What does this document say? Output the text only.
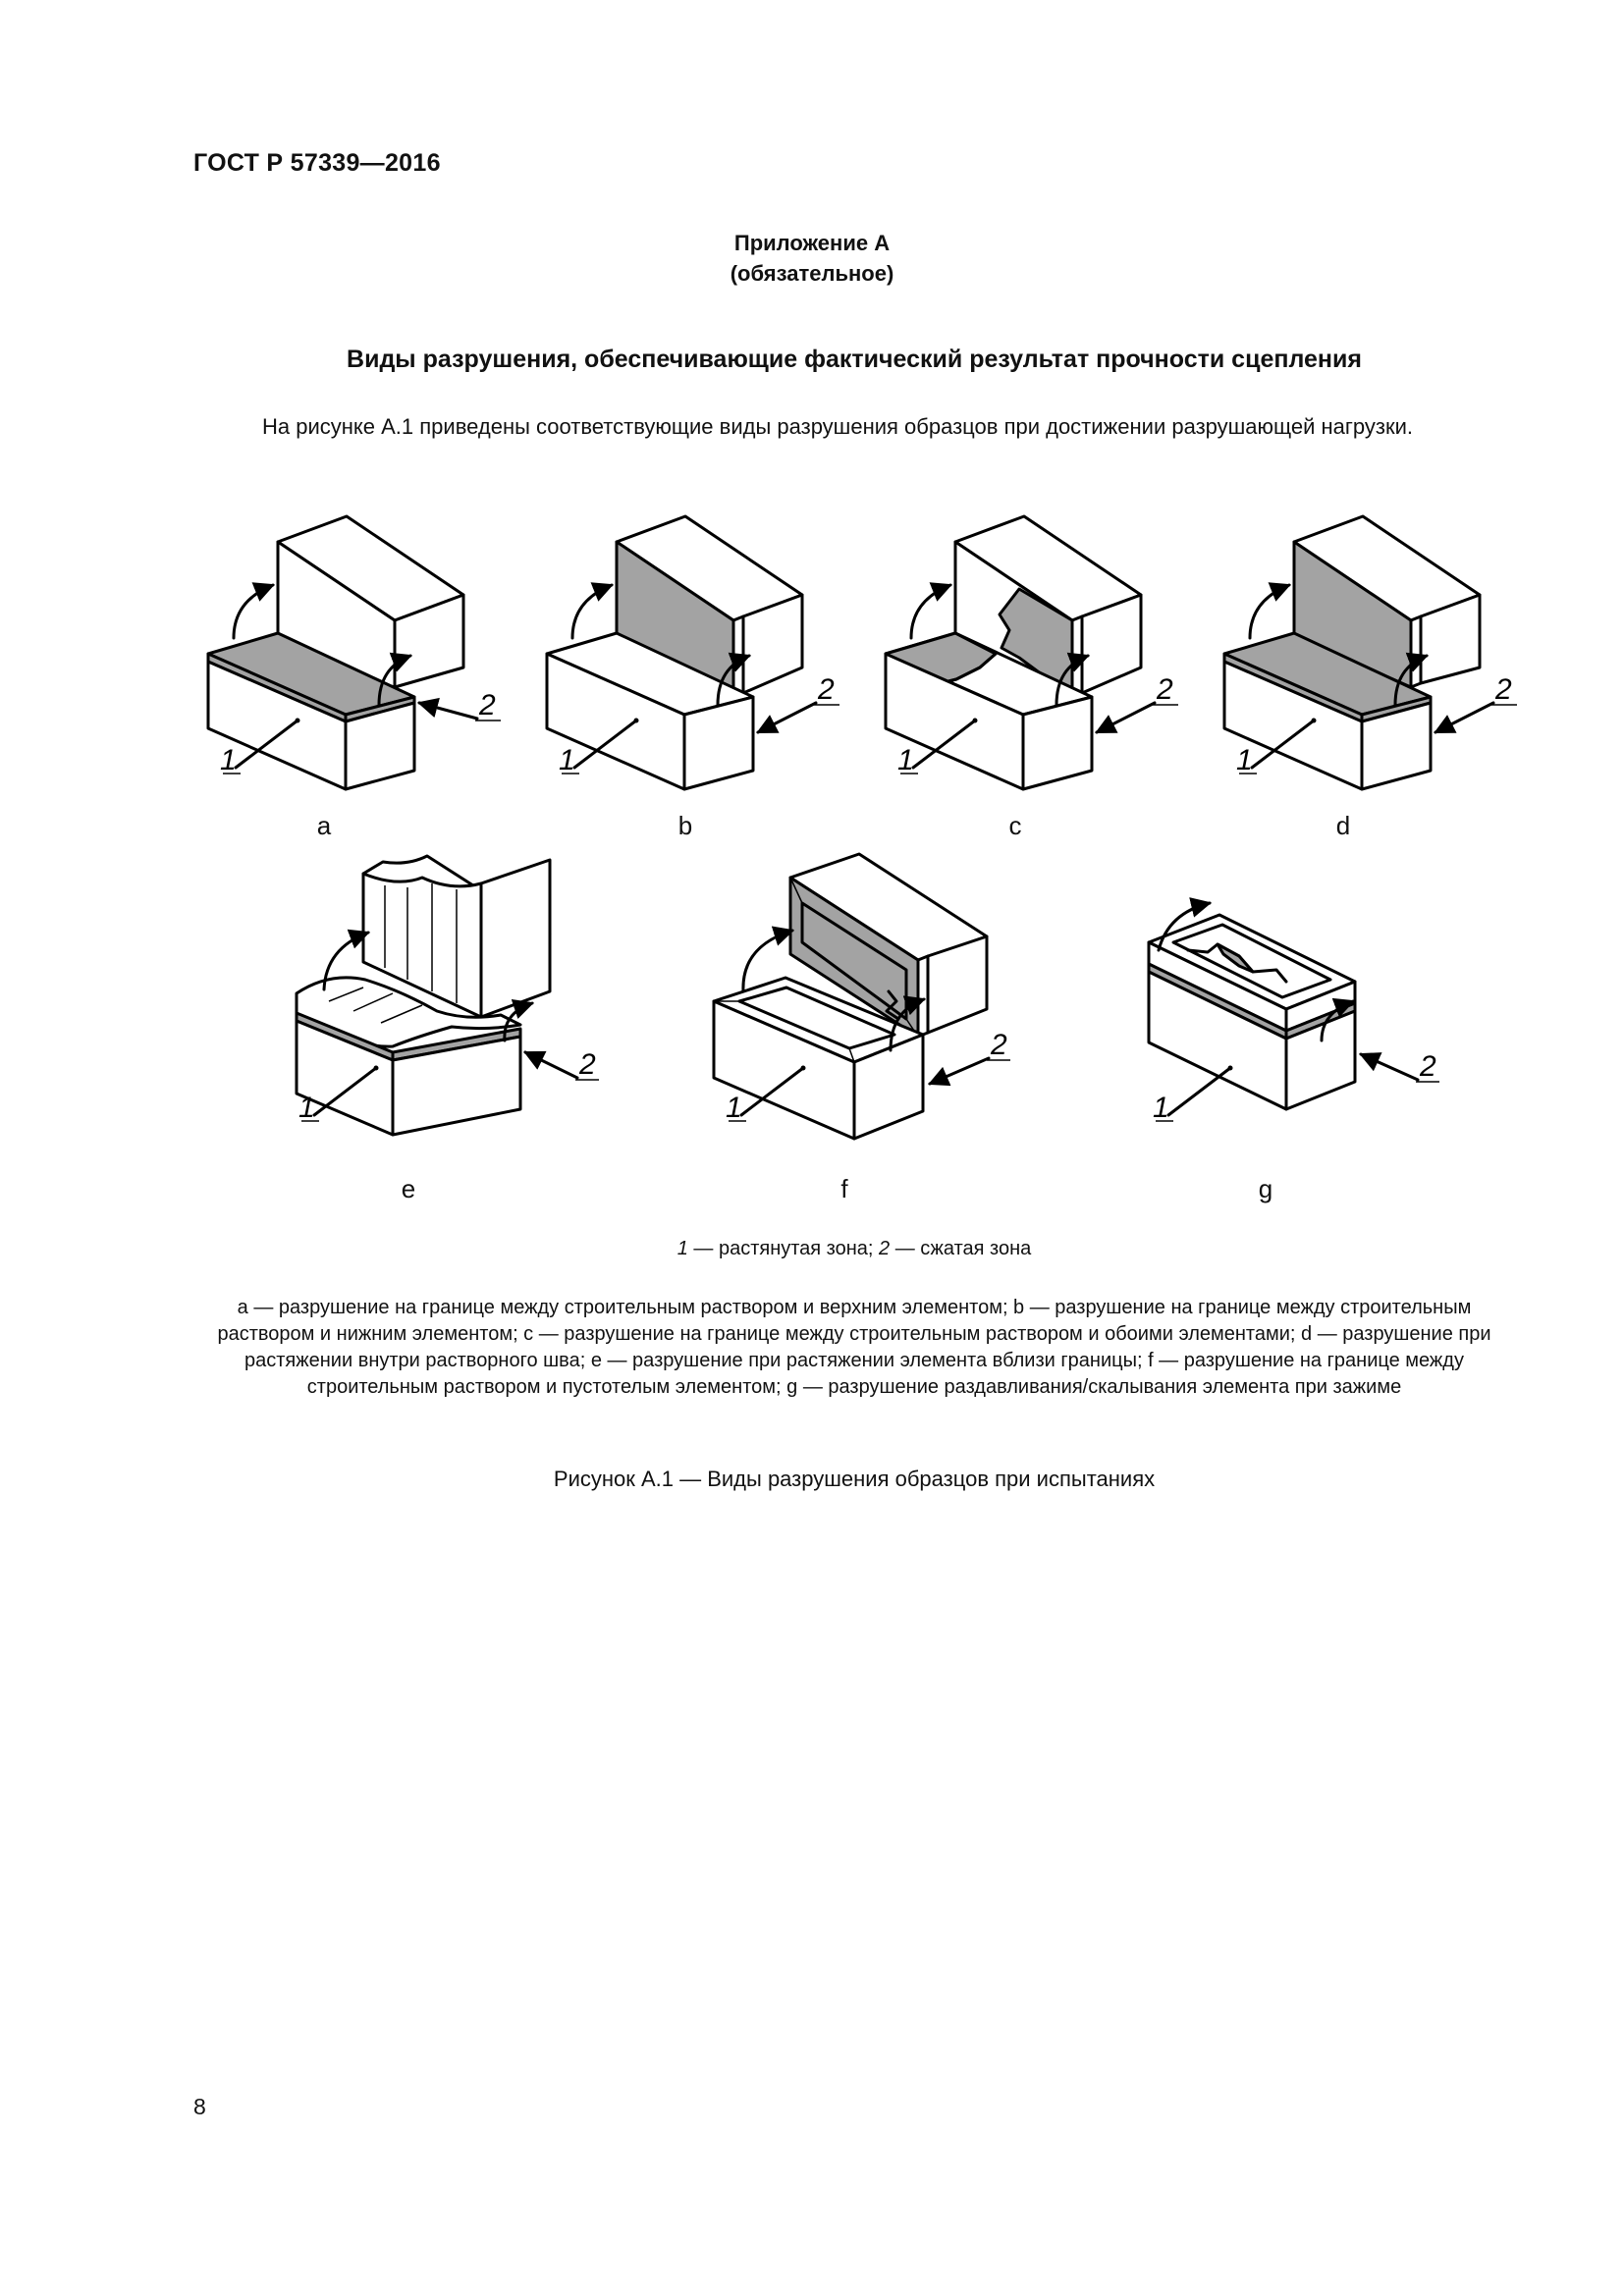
ГОСТ Р 57339—2016
Приложение А
(обязательное)
Виды разрушения, обеспечивающие фактический результат прочности сцепления
На рисунке А.1 приведены соответствующие виды разрушения образцов при достижении разрушающей нагрузки.
1
2
1
2
1
2
1
2
a	b	c	d
1
2
1
2
1
2
e	f	g
1 — растянутая зона; 2 — сжатая зона
a — разрушение на границе между строительным раствором и верхним элементом; b — разрушение на границе между строительным раствором и нижним элементом; c — разрушение на границе между строительным раствором и обоими элементами; d — разрушение при растяжении внутри растворного шва; e — разрушение при растяжении элемента вблизи границы; f — разрушение на границе между строительным раствором и пустотелым элементом; g — разрушение раздавливания/скалывания элемента при зажиме
Рисунок А.1 — Виды разрушения образцов при испытаниях
8
